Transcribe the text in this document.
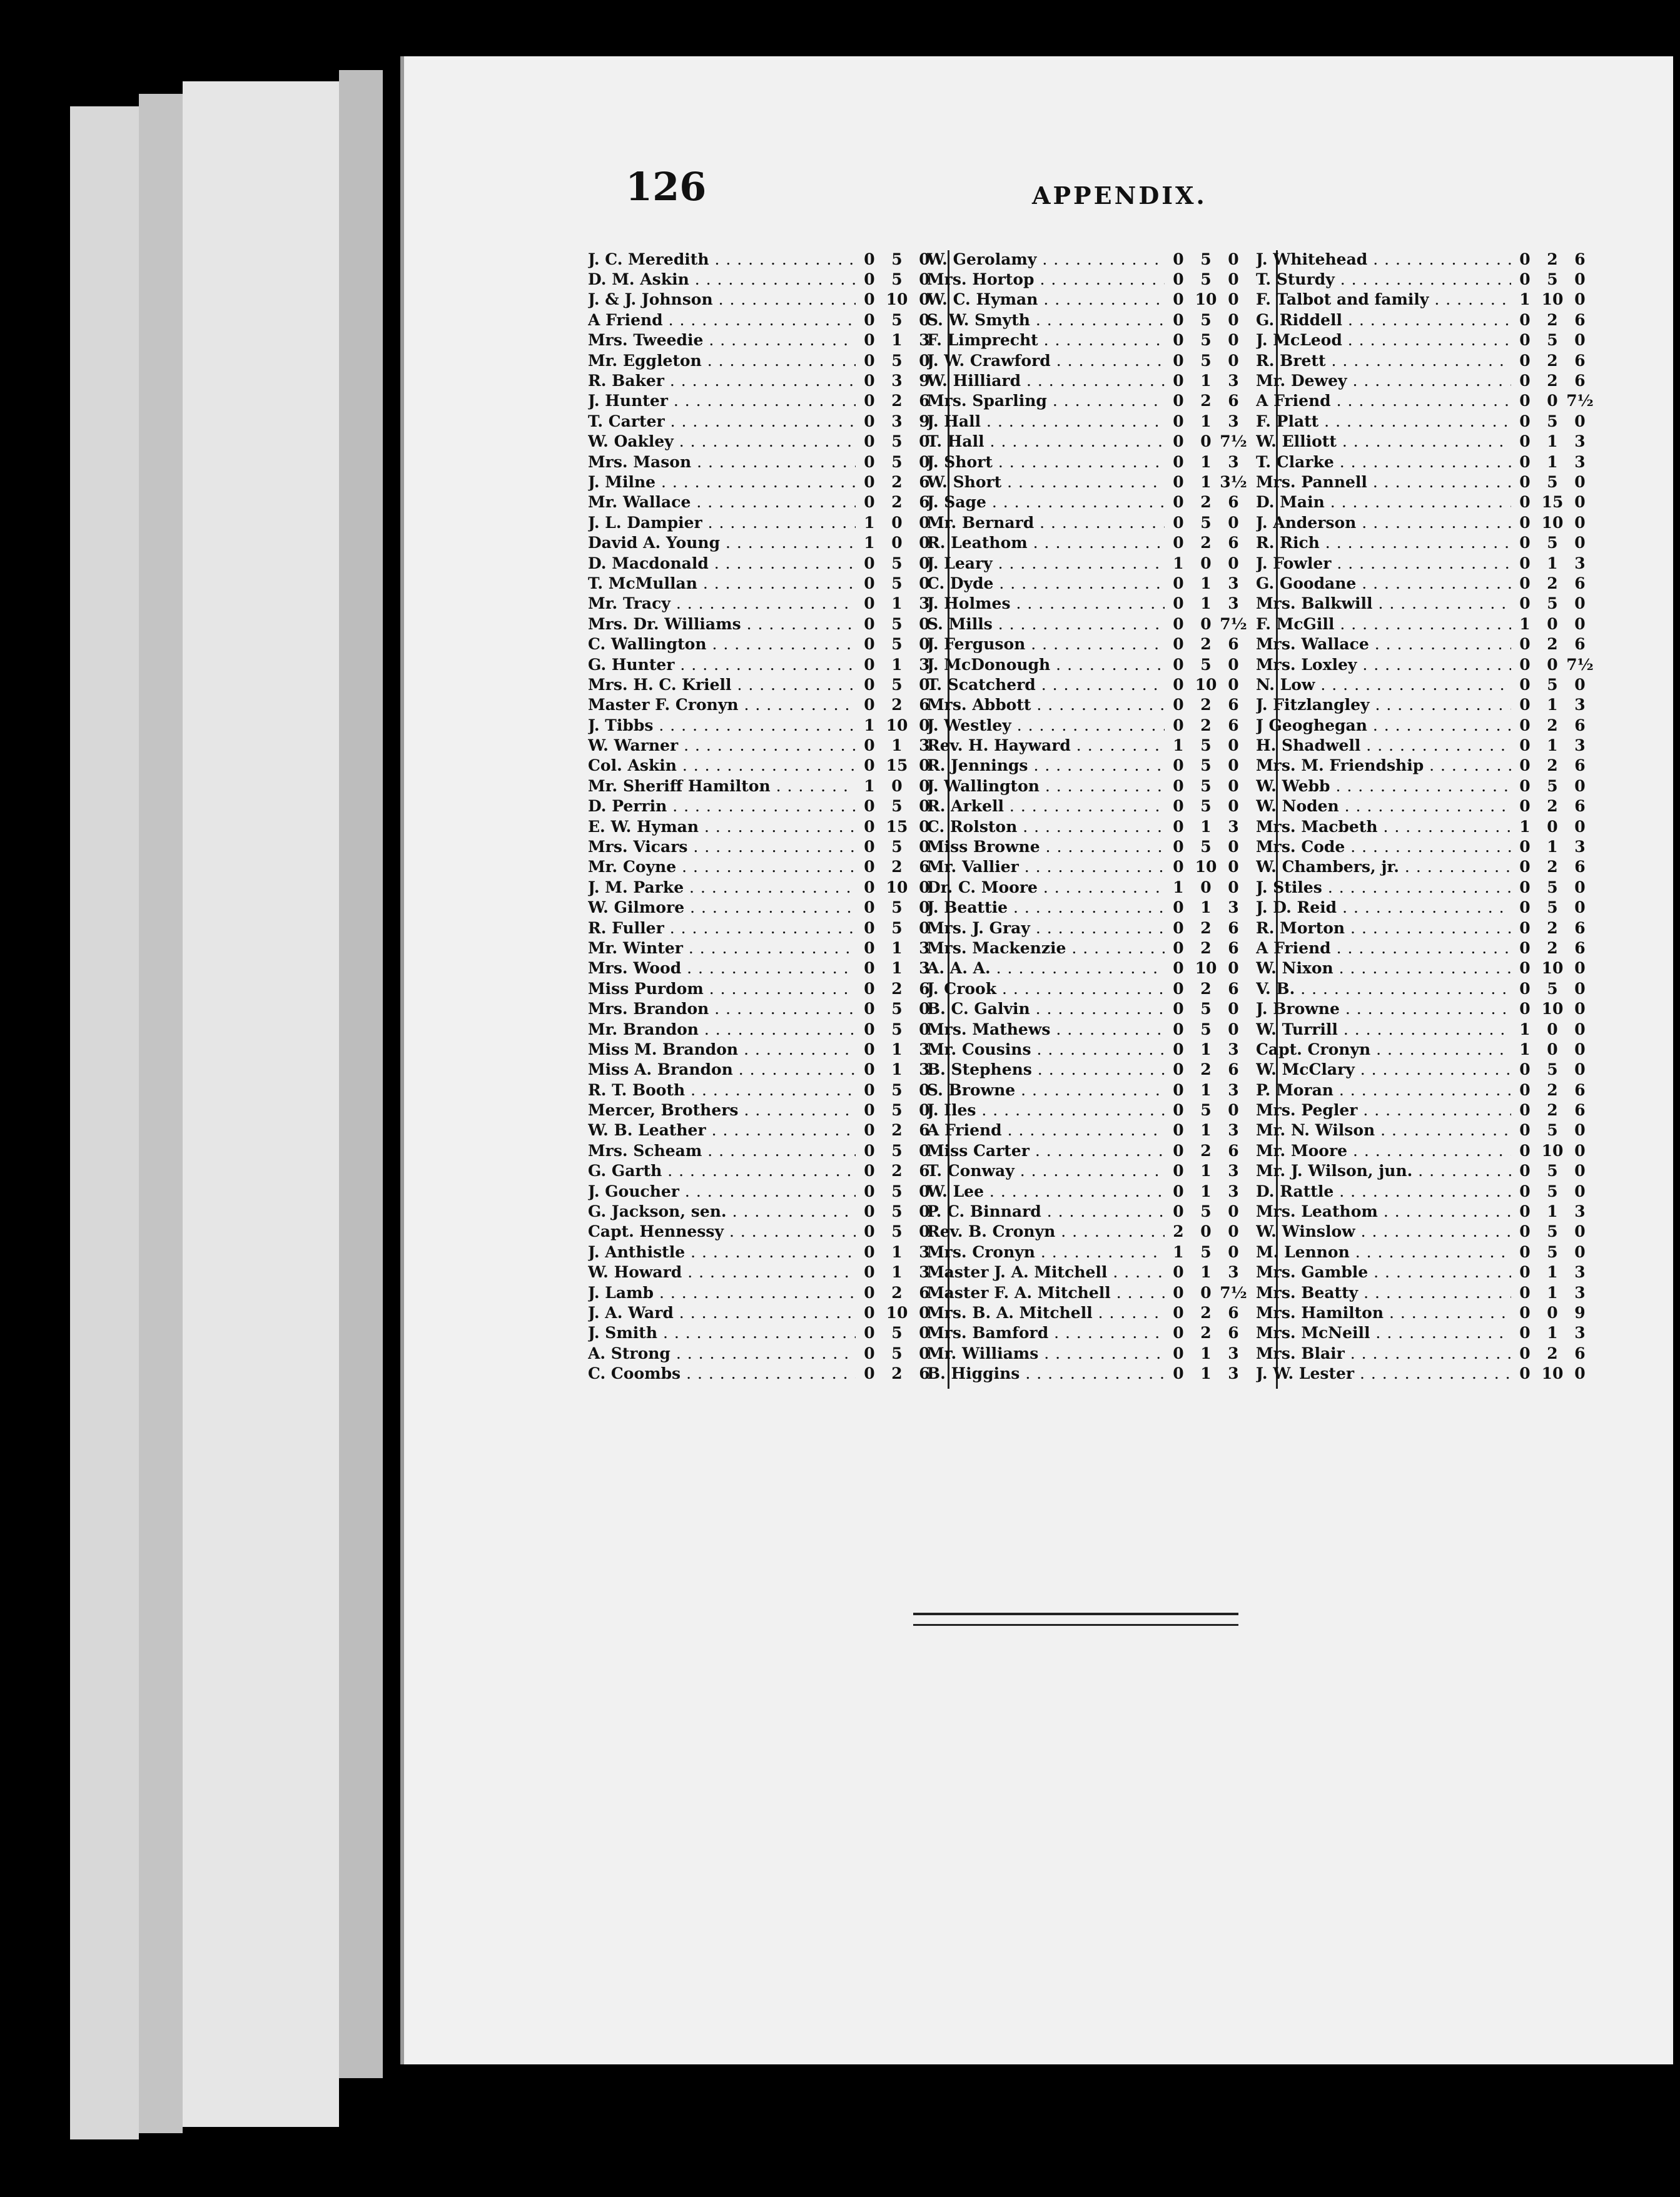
126	APPENDIX.
J. C. Meredith . . .	0	5	0
D. M. Askin . . .	0	5	0
J. & J. Johnson . . .	0 10 0
A Friend . . .	0	5	0
Mrs. Tweedie . . .	0	1	3
Mr. Eggleton . . .	0	5	0
R. Baker . . .	0	3	9
J. Hunter . . .	0	2	6
T. Carter . . .	0	3	9
W. Oakley . . .	0	5	0
Mrs. Mason . . .	0	5	0
J. Milne . . .	0	2	6
Mr. Wallace . . .	0	2	6
J. L. Dampier . . .	1	0	0
David A. Young . . .	1	0	0
D. Macdonald . . .	0	5	0
T. McMullan . . .	0	5	0
Mr. Tracy . . .	0	1	3
Mrs. Dr. Williams . . .	0	5	0
C. Wallington . . .	0	5	0
G. Hunter . . .	0	1	3
Mrs. H. C. Kriell . . .	0	5	0
Master F. Cronyn . . .	0	2	6
J. Tibbs . . .	1 10 0
W. Warner . . .	0	1	3
Col. Askin . . .	0 15 0
Mr. Sheriff Hamilton . . .	1	0	0
D. Perrin . . .	0	5	0
E. W. Hyman . . .	0 15 0
Mrs. Vicars . . .	0	5	0
Mr. Coyne . . .	0	2	6
J. M. Parke . . .	0 10 0
W. Gilmore . . .	0	5	0
R. Fuller . . .	0	5	0
Mr. Winter . . .	0	1	3
Mrs. Wood . . .	0	1	3
Miss Purdom . . .	0	2	6
Mrs. Brandon . . .	0	5	0
Mr. Brandon . . .	0	5	0
Miss M. Brandon . . .	0	1	3
Miss A. Brandon . . .	0	1	3
R. T. Booth . . .	0	5	0
Mercer, Brothers . . .	0	5	0
W. B. Leather . . .	0	2	6
Mrs. Scheam . . .	0	5	0
G. Garth . . .	0	2	6
J. Goucher . . .	0	5	0
G. Jackson, sen. . . .	0	5	0
Capt. Hennessy . . .	0	5	0
J. Anthistle . . .	0	1	3
W. Howard . . .	0	1	3
J. Lamb . . .	0	2	6
J. A. Ward . . .	0 10 0
J. Smith . . .	0	5	0
A. Strong . . .	0	5	0
C. Coombs . . .	0	2	6
W. Gerolamy . . .	0	5	0
Mrs. Hortop . . .	0	5	0
W. C. Hyman . . .	0 10 0
S. W. Smyth . . .	0	5	0
F. Limprecht . . .	0	5	0
J. W. Crawford . . .	0	5	0
W. Hilliard . . .	0	1	3
Mrs. Sparling . . .	0	2	6
J. Hall . . .	0	1	3
T. Hall . . .	0	0 7½
J. Short . . .	0	1	3
W. Short . . .	0	1 3½
J. Sage . . .	0	2	6
Mr. Bernard . . .	0	5	0
R. Leathom . . .	0	2	6
J. Leary . . .	1	0	0
C. Dyde . . .	0	1	3
J. Holmes . . .	0	1	3
S. Mills . . .	0	0 7½
J. Ferguson . . .	0	2	6
J. McDonough . . .	0	5	0
T. Scatcherd . . .	0 10 0
Mrs. Abbott . . .	0	2	6
J. Westley . . .	0	2	6
Rev. H. Hayward . . .	1	5	0
R. Jennings . . .	0	5	0
J. Wallington . . .	0	5	0
R. Arkell . . .	0	5	0
C. Rolston . . .	0	1	3
Miss Browne . . .	0	5	0
Mr. Vallier . . .	0 10 0
Dr. C. Moore . . .	1	0	0
J. Beattie . . .	0	1	3
Mrs. J. Gray . . .	0	2	6
Mrs. Mackenzie . . .	0	2	6
A. A. A. . . .	0 10 0
J. Crook . . .	0	2	6
B. C. Galvin . . .	0	5	0
Mrs. Mathews . . .	0	5	0
Mr. Cousins . . .	0	1	3
B. Stephens . . .	0	2	6
S. Browne . . .	0	1	3
J. Iles . . .	0	5	0
A Friend . . .	0	1	3
Miss Carter . . .	0	2	6
T. Conway . . .	0	1	3
W. Lee . . .	0	1	3
P. C. Binnard . . .	0	5	0
Rev. B. Cronyn . . .	2	0	0
Mrs. Cronyn . . .	1	5	0
Master J. A. Mitchell . . .	0	1	3
Master F. A. Mitchell . . .	0	0 7½
Mrs. B. A. Mitchell . . .	0	2	6
Mrs. Bamford . . .	0	2	6
Mr. Williams . . .	0	1	3
B. Higgins . . .	0	1	3
J. Whitehead . . .	0	2	6
T. Sturdy . . .	0	5	0
F. Talbot and family . . .	1 10 0
G. Riddell . . .	0	2	6
J. McLeod . . .	0	5	0
R. Brett . . .	0	2	6
Mr. Dewey . . .	0	2	6
A Friend . . .	0	0 7½
F. Platt . . .	0	5	0
W. Elliott . . .	0	1	3
T. Clarke . . .	0	1	3
Mrs. Pannell . . .	0	5	0
D. Main . . .	0 15 0
J. Anderson . . .	0 10 0
R. Rich . . .	0	5	0
J. Fowler . . .	0	1	3
G. Goodane . . .	0	2	6
Mrs. Balkwill . . .	0	5	0
F. McGill . . .	1	0	0
Mrs. Wallace . . .	0	2	6
Mrs. Loxley . . .	0	0 7½
N. Low . . .	0	5	0
J. Fitzlangley . . .	0	1	3
J Geoghegan . . .	0	2	6
H. Shadwell . . .	0	1	3
Mrs. M. Friendship . . .	0	2	6
W. Webb . . .	0	5	0
W. Noden . . .	0	2	6
Mrs. Macbeth . . .	1	0	0
Mrs. Code . . .	0	1	3
W. Chambers, jr. . . .	0	2	6
J. Stiles . . .	0	5	0
J. D. Reid . . .	0	5	0
R. Morton . . .	0	2	6
A Friend . . .	0	2	6
W. Nixon . . .	0 10 0
V. B. . . .	0	5	0
J. Browne . . .	0 10 0
W. Turrill . . .	1	0	0
Capt. Cronyn . . .	1	0	0
W. McClary . . .	0	5	0
P. Moran . . .	0	2	6
Mrs. Pegler . . .	0	2	6
Mr. N. Wilson . . .	0	5	0
Mr. Moore . . .	0 10 0
Mr. J. Wilson, jun. . . .	0	5	0
D. Rattle . . .	0	5	0
Mrs. Leathom . . .	0	1	3
W. Winslow . . .	0	5	0
M. Lennon . . .	0	5	0
Mrs. Gamble . . .	0	1	3
Mrs. Beatty . . .	0	1	3
Mrs. Hamilton . . .	0	0	9
Mrs. McNeill . . .	0	1	3
Mrs. Blair . . .	0	2	6
J. W. Lester . . .	0 10 0
